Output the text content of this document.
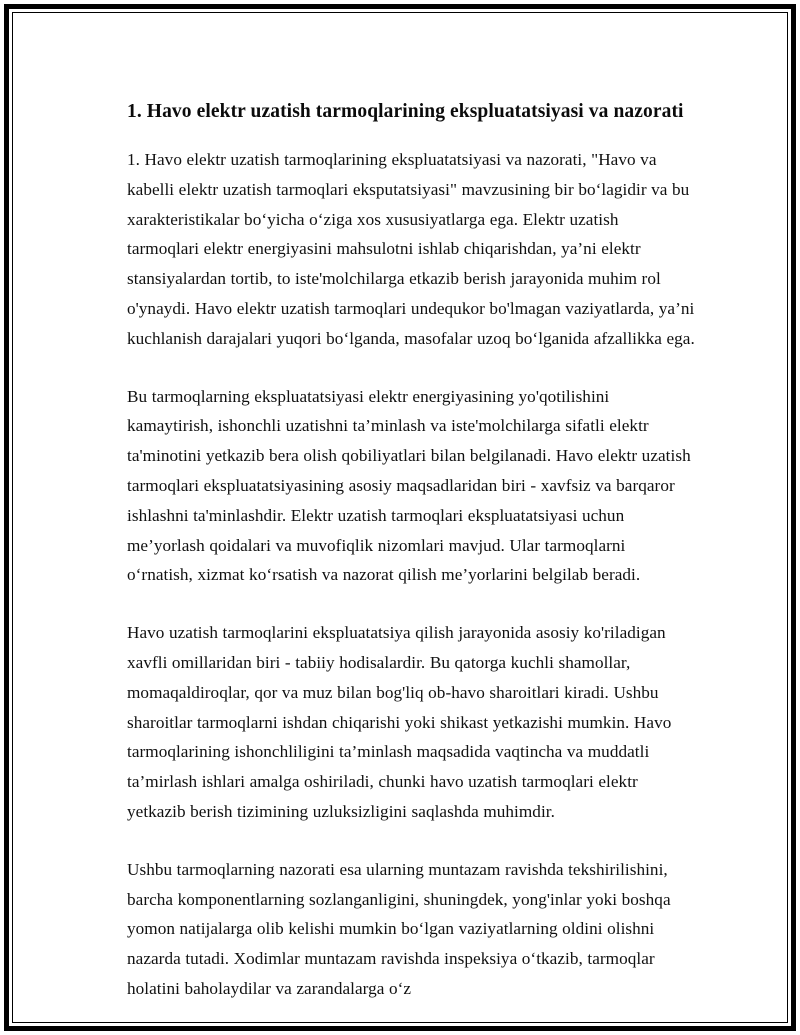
1. Havo elektr uzatish tarmoqlarining ekspluatatsiyasi va nazorati

1. Havo elektr uzatish tarmoqlarining ekspluatatsiyasi va nazorati, "Havo va kabelli elektr uzatish tarmoqlari eksputatsiyasi" mavzusining bir boʻlagidir va bu xarakteristikalar boʻyicha oʻziga xos xususiyatlarga ega. Elektr uzatish tarmoqlari elektr energiyasini mahsulotni ishlab chiqarishdan, ya’ni elektr stansiyalardan tortib, to iste'molchilarga etkazib berish jarayonida muhim rol o'ynaydi. Havo elektr uzatish tarmoqlari undequkor bo'lmagan vaziyatlarda, ya’ni kuchlanish darajalari yuqori boʻlganda, masofalar uzoq boʻlganida afzallikka ega.

Bu tarmoqlarning ekspluatatsiyasi elektr energiyasining yo'qotilishini kamaytirish, ishonchli uzatishni ta’minlash va iste'molchilarga sifatli elektr ta'minotini yetkazib bera olish qobiliyatlari bilan belgilanadi. Havo elektr uzatish tarmoqlari ekspluatatsiyasining asosiy maqsadlaridan biri - xavfsiz va barqaror ishlashni ta'minlashdir. Elektr uzatish tarmoqlari ekspluatatsiyasi uchun me’yorlash qoidalari va muvofiqlik nizomlari mavjud. Ular tarmoqlarni oʻrnatish, xizmat koʻrsatish va nazorat qilish me’yorlarini belgilab beradi.

Havo uzatish tarmoqlarini ekspluatatsiya qilish jarayonida asosiy ko'riladigan xavfli omillaridan biri - tabiiy hodisalardir. Bu qatorga kuchli shamollar, momaqaldiroqlar, qor va muz bilan bog'liq ob-havo sharoitlari kiradi. Ushbu sharoitlar tarmoqlarni ishdan chiqarishi yoki shikast yetkazishi mumkin. Havo tarmoqlarining ishonchliligini ta’minlash maqsadida vaqtincha va muddatli ta’mirlash ishlari amalga oshiriladi, chunki havo uzatish tarmoqlari elektr yetkazib berish tizimining uzluksizligini saqlashda muhimdir.

Ushbu tarmoqlarning nazorati esa ularning muntazam ravishda tekshirilishini, barcha komponentlarning sozlanganligini, shuningdek, yong'inlar yoki boshqa yomon natijalarga olib kelishi mumkin boʻlgan vaziyatlarning oldini olishni nazarda tutadi. Xodimlar muntazam ravishda inspeksiya oʻtkazib, tarmoqlar holatini baholaydilar va zarandalarga oʻz
